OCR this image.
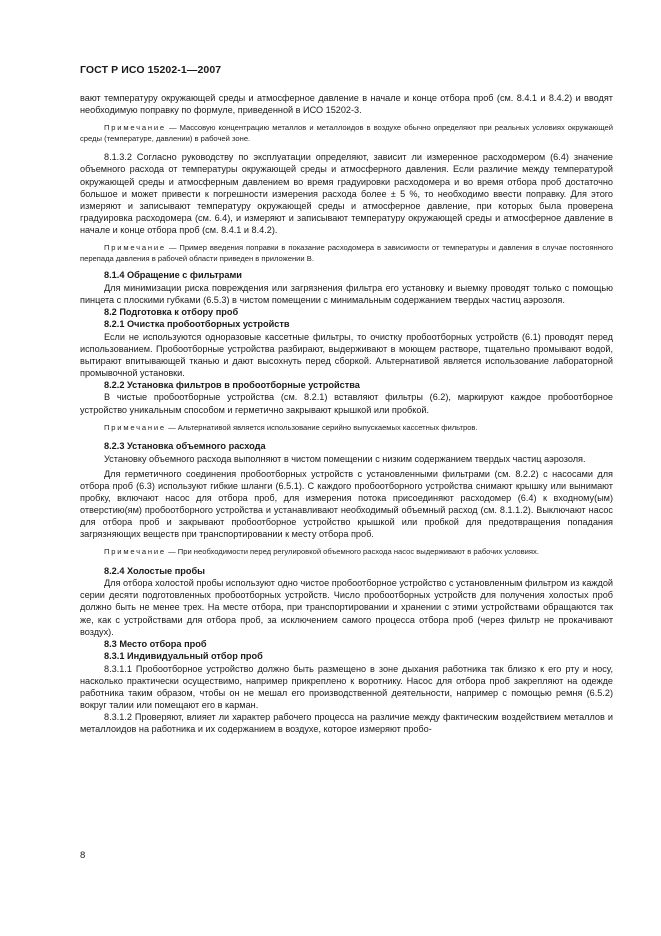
ГОСТ Р ИСО 15202-1—2007

вают температуру окружающей среды и атмосферное давление в начале и конце отбора проб (см. 8.4.1 и 8.4.2) и вводят необходимую поправку по формуле, приведенной в ИСО 15202-3.

Примечание — Массовую концентрацию металлов и металлоидов в воздухе обычно определяют при реальных условиях окружающей среды (температуре, давлении) в рабочей зоне.

8.1.3.2 Согласно руководству по эксплуатации определяют, зависит ли измеренное расходомером (6.4) значение объемного расхода от температуры окружающей среды и атмосферного давления. Если различие между температурой окружающей среды и атмосферным давлением во время градуировки расходомера и во время отбора проб достаточно большое и может привести к погрешности измерения расхода более ± 5 %, то необходимо ввести поправку. Для этого измеряют и записывают температуру окружающей среды и атмосферное давление, при которых была проверена градуировка расходомера (см. 6.4), и измеряют и записывают температуру окружающей среды и атмосферное давление в начале и конце отбора проб (см. 8.4.1 и 8.4.2).

Примечание — Пример введения поправки в показание расходомера в зависимости от температуры и давления в случае постоянного перепада давления в рабочей области приведен в приложении В.

8.1.4 Обращение с фильтрами

Для минимизации риска повреждения или загрязнения фильтра его установку и выемку проводят только с помощью пинцета с плоскими губками (6.5.3) в чистом помещении с минимальным содержанием твердых частиц аэрозоля.

8.2 Подготовка к отбору проб

8.2.1 Очистка пробоотборных устройств

Если не используются одноразовые кассетные фильтры, то очистку пробоотборных устройств (6.1) проводят перед использованием. Пробоотборные устройства разбирают, выдерживают в моющем растворе, тщательно промывают водой, вытирают впитывающей тканью и дают высохнуть перед сборкой. Альтернативой является использование лабораторной промывочной установки.

8.2.2 Установка фильтров в пробоотборные устройства

В чистые пробоотборные устройства (см. 8.2.1) вставляют фильтры (6.2), маркируют каждое пробоотборное устройство уникальным способом и герметично закрывают крышкой или пробкой.

Примечание — Альтернативой является использование серийно выпускаемых кассетных фильтров.

8.2.3 Установка объемного расхода

Установку объемного расхода выполняют в чистом помещении с низким содержанием твердых частиц аэрозоля.

Для герметичного соединения пробоотборных устройств с установленными фильтрами (см. 8.2.2) с насосами для отбора проб (6.3) используют гибкие шланги (6.5.1). С каждого пробоотборного устройства снимают крышку или вынимают пробку, включают насос для отбора проб, для измерения потока присоединяют расходомер (6.4) к входному(ым) отверстию(ям) пробоотборного устройства и устанавливают необходимый объемный расход (см. 8.1.1.2). Выключают насос для отбора проб и закрывают пробоотборное устройство крышкой или пробкой для предотвращения попадания загрязняющих веществ при транспортировании к месту отбора проб.

Примечание — При необходимости перед регулировкой объемного расхода насос выдерживают в рабочих условиях.

8.2.4 Холостые пробы

Для отбора холостой пробы используют одно чистое пробоотборное устройство с установленным фильтром из каждой серии десяти подготовленных пробоотборных устройств. Число пробоотборных устройств для получения холостых проб должно быть не менее трех. На месте отбора, при транспортировании и хранении с этими устройствами обращаются так же, как с устройствами для отбора проб, за исключением самого процесса отбора проб (через фильтр не прокачивают воздух).

8.3 Место отбора проб

8.3.1 Индивидуальный отбор проб

8.3.1.1 Пробоотборное устройство должно быть размещено в зоне дыхания работника так близко к его рту и носу, насколько практически осуществимо, например прикреплено к воротнику. Насос для отбора проб закрепляют на одежде работника таким образом, чтобы он не мешал его производственной деятельности, например с помощью ремня (6.5.2) вокруг талии или помещают его в карман.

8.3.1.2 Проверяют, влияет ли характер рабочего процесса на различие между фактическим воздействием металлов и металлоидов на работника и их содержанием в воздухе, которое измеряют пробо-

8
